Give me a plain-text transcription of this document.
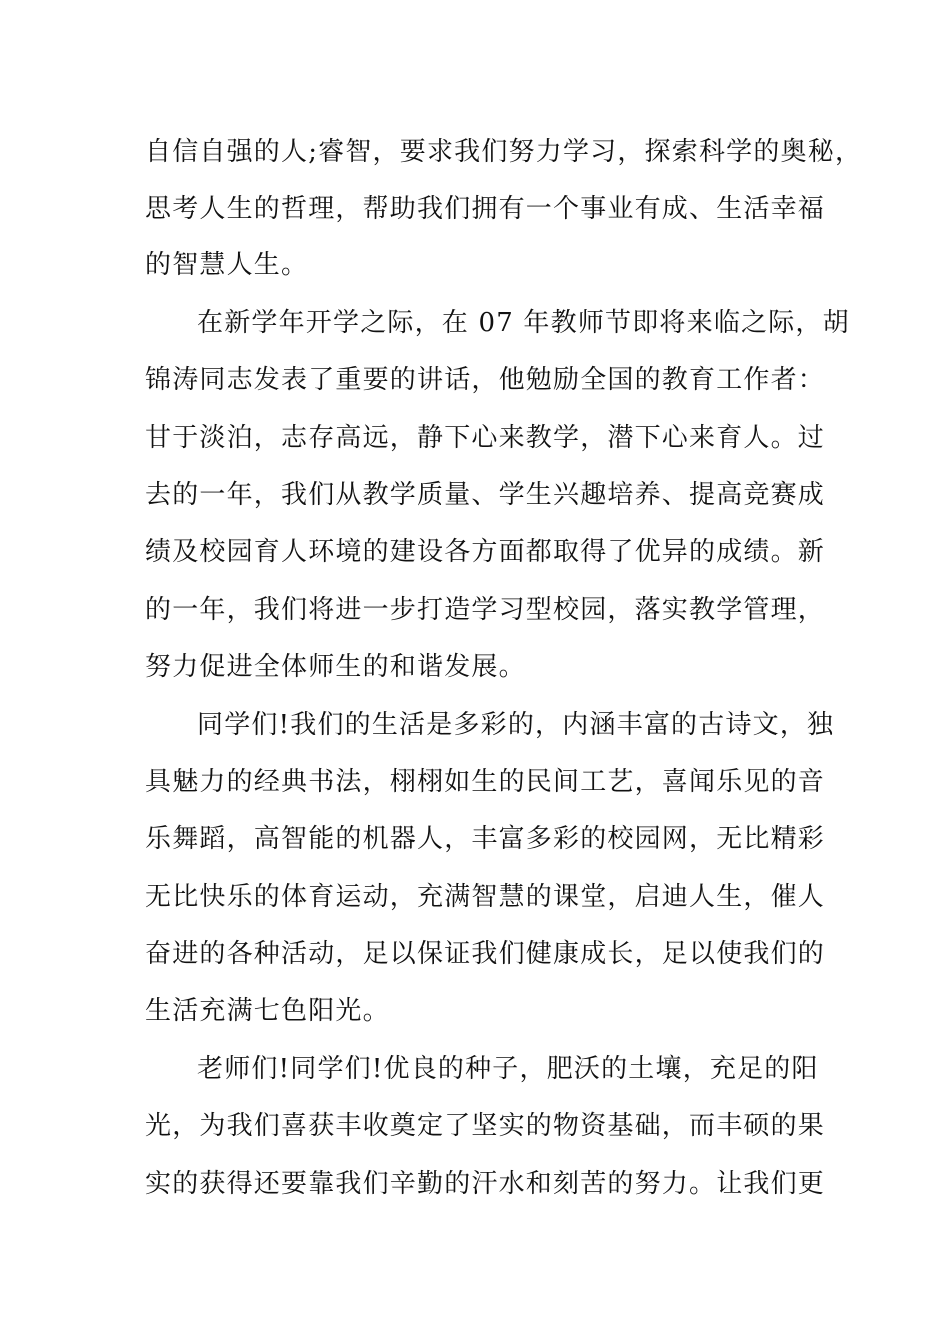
自信自强的人;睿智，要求我们努力学习，探索科学的奥秘，
思考人生的哲理，帮助我们拥有一个事业有成、生活幸福
的智慧人生。
在新学年开学之际，在 07 年教师节即将来临之际，胡
锦涛同志发表了重要的讲话，他勉励全国的教育工作者：
甘于淡泊，志存高远，静下心来教学，潜下心来育人。过
去的一年，我们从教学质量、学生兴趣培养、提高竞赛成
绩及校园育人环境的建设各方面都取得了优异的成绩。新
的一年，我们将进一步打造学习型校园，落实教学管理，
努力促进全体师生的和谐发展。
同学们!我们的生活是多彩的，内涵丰富的古诗文，独
具魅力的经典书法，栩栩如生的民间工艺，喜闻乐见的音
乐舞蹈，高智能的机器人，丰富多彩的校园网，无比精彩
无比快乐的体育运动，充满智慧的课堂，启迪人生，催人
奋进的各种活动，足以保证我们健康成长，足以使我们的
生活充满七色阳光。
老师们!同学们!优良的种子，肥沃的土壤，充足的阳
光，为我们喜获丰收奠定了坚实的物资基础，而丰硕的果
实的获得还要靠我们辛勤的汗水和刻苦的努力。让我们更
